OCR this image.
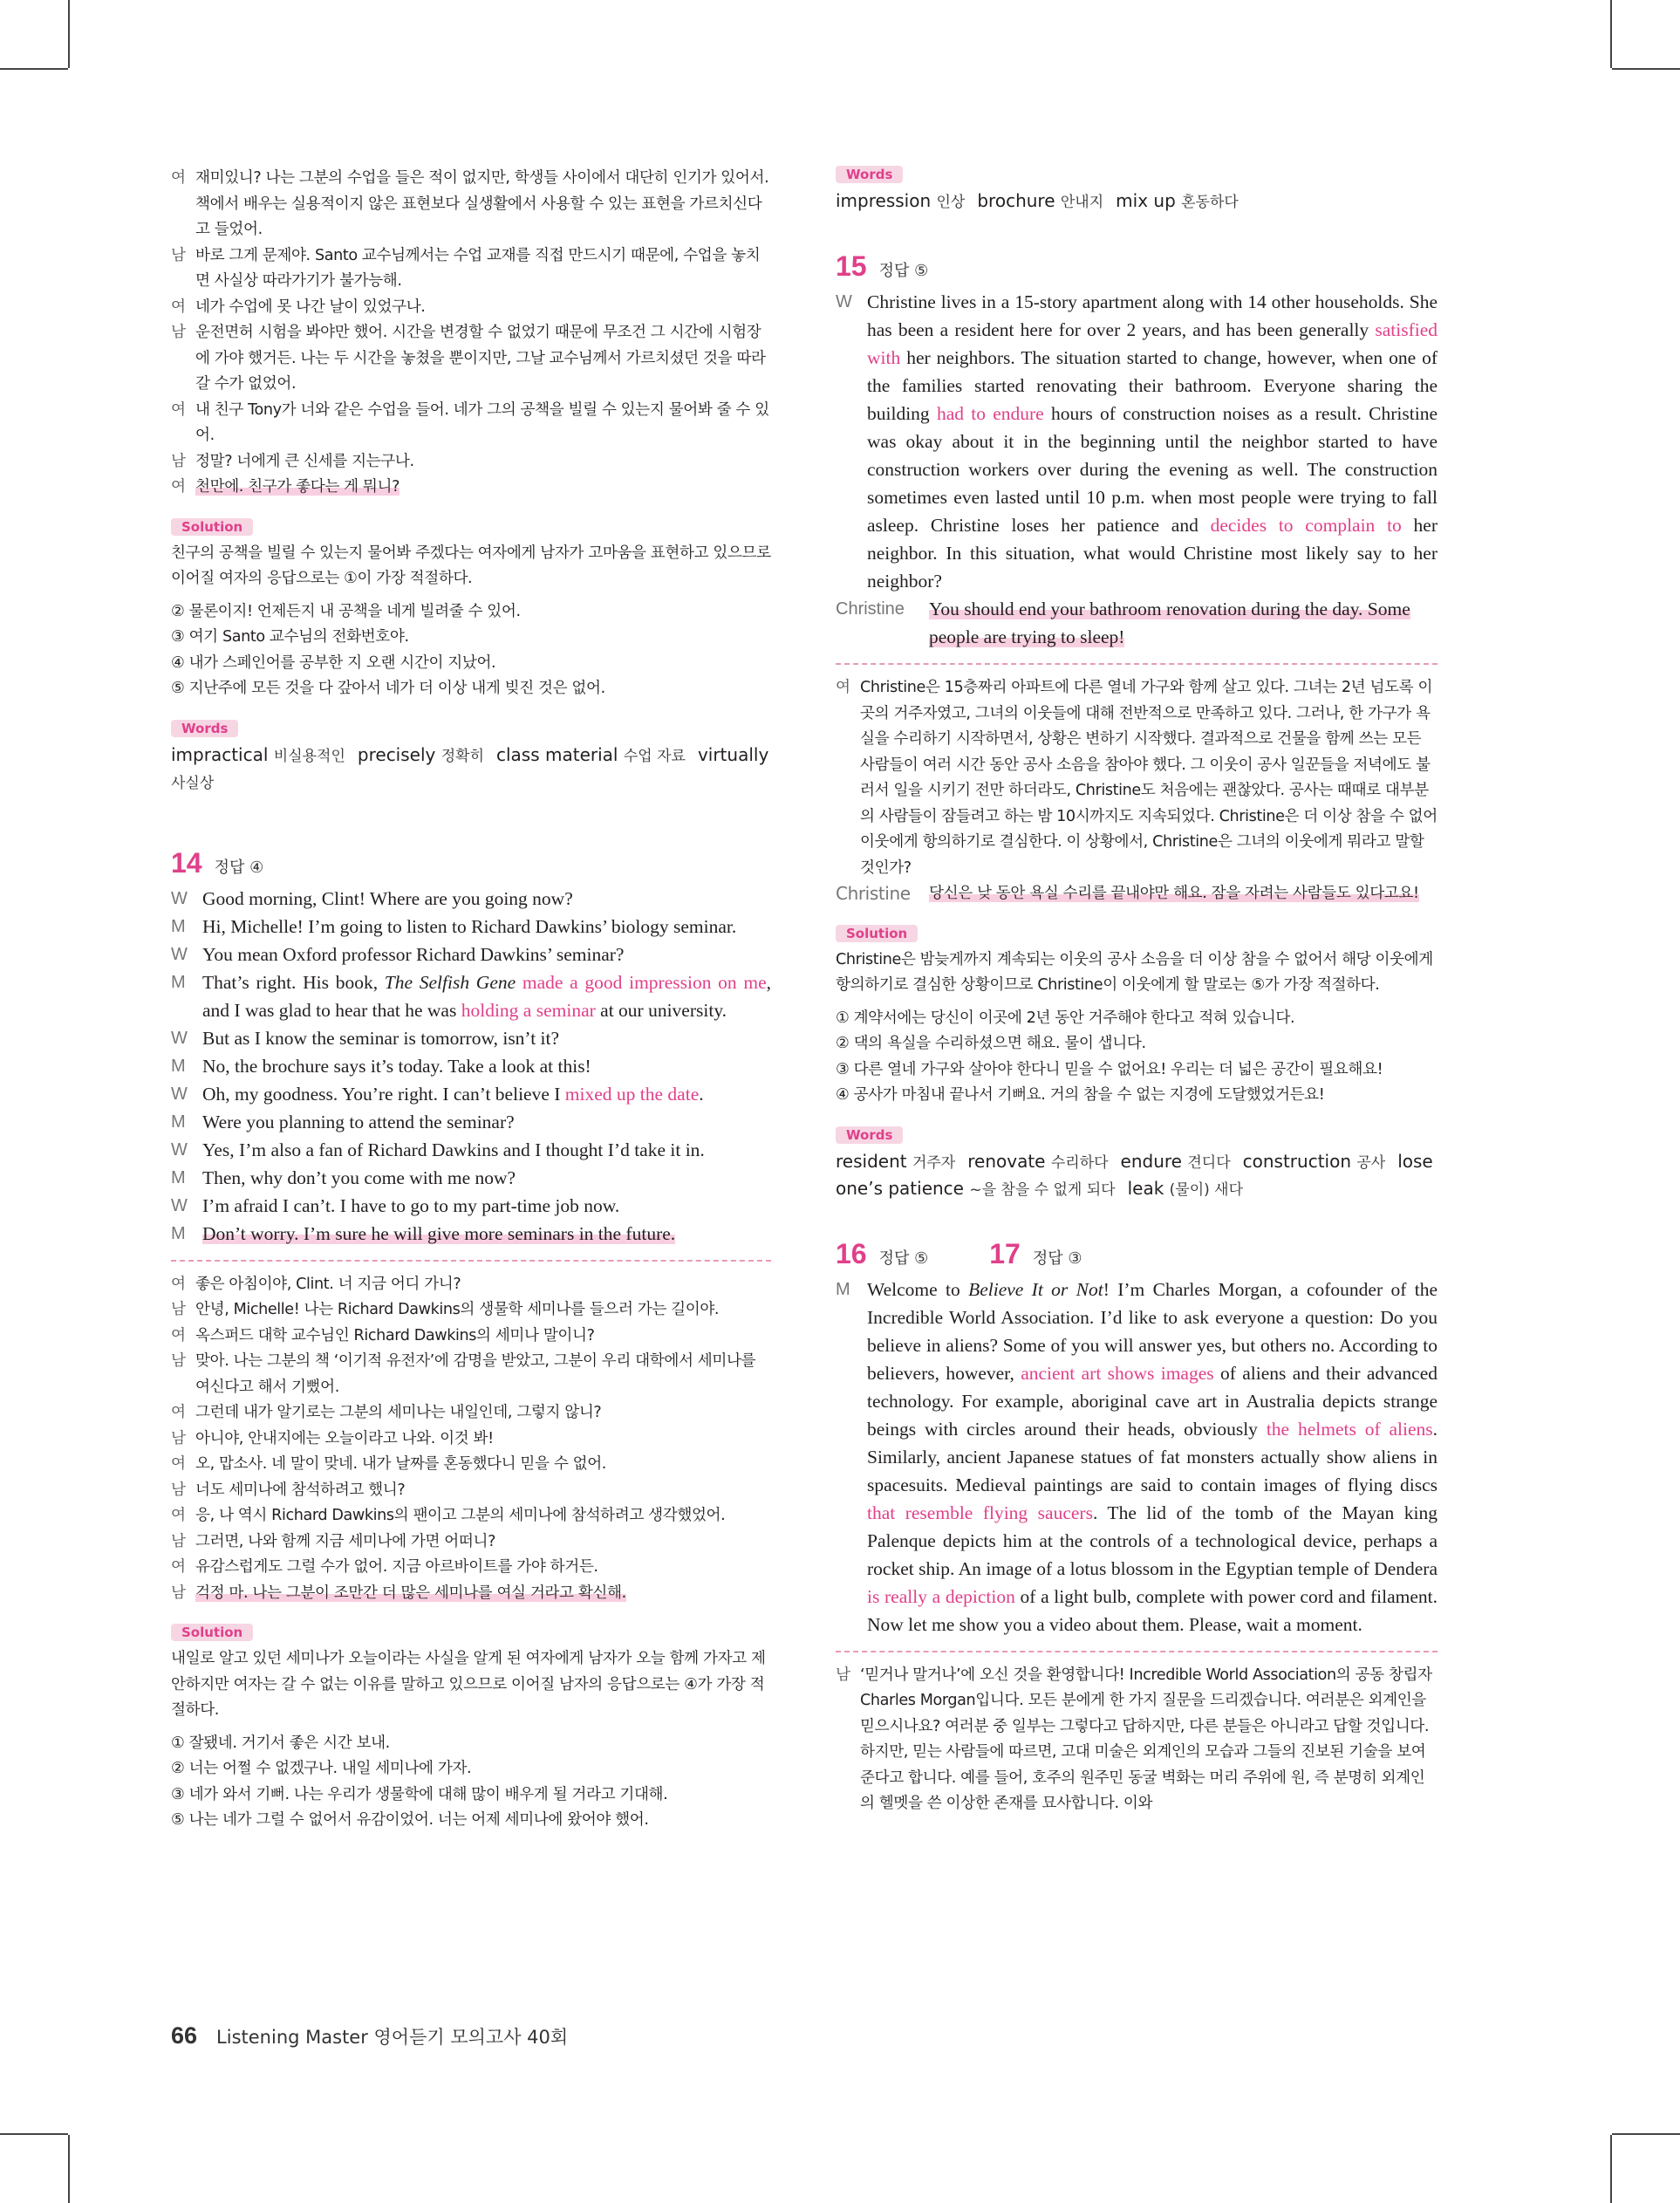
여 재미있니? 나는 그분의 수업을 들은 적이 없지만, 학생들 사이에서 대단히 인기가 있어서. 책에서 배우는 실용적이지 않은 표현보다 실생활에서 사용할 수 있는 표현을 가르치신다고 들었어.
남 바로 그게 문제야. Santo 교수님께서는 수업 교재를 직접 만드시기 때문에, 수업을 놓치면 사실상 따라가기가 불가능해.
여 네가 수업에 못 나간 날이 있었구나.
남 운전면허 시험을 봐야만 했어. 시간을 변경할 수 없었기 때문에 무조건 그 시간에 시험장에 가야 했거든. 나는 두 시간을 놓쳤을 뿐이지만, 그날 교수님께서 가르치셨던 것을 따라갈 수가 없었어.
여 내 친구 Tony가 너와 같은 수업을 들어. 네가 그의 공책을 빌릴 수 있는지 물어봐 줄 수 있어.
남 정말? 너에게 큰 신세를 지는구나.
여 천만에. 친구가 좋다는 게 뭐니?
Solution
친구의 공책을 빌릴 수 있는지 물어봐 주겠다는 여자에게 남자가 고마움을 표현하고 있으므로 이어질 여자의 응답으로는 ①이 가장 적절하다.
② 물론이지! 언제든지 내 공책을 네게 빌려줄 수 있어.
③ 여기 Santo 교수님의 전화번호야.
④ 내가 스페인어를 공부한 지 오랜 시간이 지났어.
⑤ 지난주에 모든 것을 다 갚아서 네가 더 이상 내게 빚진 것은 없어.
Words
impractical 비실용적인 precisely 정확히 class material 수업 자료 virtually 사실상
14 정답 ④
W Good morning, Clint! Where are you going now?
M Hi, Michelle! I’m going to listen to Richard Dawkins’ biology seminar.
W You mean Oxford professor Richard Dawkins’ seminar?
M That’s right. His book, The Selfish Gene made a good impression on me, and I was glad to hear that he was holding a seminar at our university.
W But as I know the seminar is tomorrow, isn’t it?
M No, the brochure says it’s today. Take a look at this!
W Oh, my goodness. You’re right. I can’t believe I mixed up the date.
M Were you planning to attend the seminar?
W Yes, I’m also a fan of Richard Dawkins and I thought I’d take it in.
M Then, why don’t you come with me now?
W I’m afraid I can’t. I have to go to my part-time job now.
M Don’t worry. I’m sure he will give more seminars in the future.
여 좋은 아침이야, Clint. 너 지금 어디 가니?
남 안녕, Michelle! 나는 Richard Dawkins의 생물학 세미나를 들으러 가는 길이야.
여 옥스퍼드 대학 교수님인 Richard Dawkins의 세미나 말이니?
남 맞아. 나는 그분의 책 ‘이기적 유전자’에 감명을 받았고, 그분이 우리 대학에서 세미나를 여신다고 해서 기뻤어.
여 그런데 내가 알기로는 그분의 세미나는 내일인데, 그렇지 않니?
남 아니야, 안내지에는 오늘이라고 나와. 이것 봐!
여 오, 맙소사. 네 말이 맞네. 내가 날짜를 혼동했다니 믿을 수 없어.
남 너도 세미나에 참석하려고 했니?
여 응, 나 역시 Richard Dawkins의 팬이고 그분의 세미나에 참석하려고 생각했었어.
남 그러면, 나와 함께 지금 세미나에 가면 어떠니?
여 유감스럽게도 그럴 수가 없어. 지금 아르바이트를 가야 하거든.
남 걱정 마. 나는 그분이 조만간 더 많은 세미나를 여실 거라고 확신해.
Solution
내일로 알고 있던 세미나가 오늘이라는 사실을 알게 된 여자에게 남자가 오늘 함께 가자고 제안하지만 여자는 갈 수 없는 이유를 말하고 있으므로 이어질 남자의 응답으로는 ④가 가장 적절하다.
① 잘됐네. 거기서 좋은 시간 보내.
② 너는 어쩔 수 없겠구나. 내일 세미나에 가자.
③ 네가 와서 기뻐. 나는 우리가 생물학에 대해 많이 배우게 될 거라고 기대해.
⑤ 나는 네가 그럴 수 없어서 유감이었어. 너는 어제 세미나에 왔어야 했어.
Words
impression 인상 brochure 안내지 mix up 혼동하다
15 정답 ⑤
W Christine lives in a 15-story apartment along with 14 other households. She has been a resident here for over 2 years, and has been generally satisfied with her neighbors. The situation started to change, however, when one of the families started renovating their bathroom. Everyone sharing the building had to endure hours of construction noises as a result. Christine was okay about it in the beginning until the neighbor started to have construction workers over during the evening as well. The construction sometimes even lasted until 10 p.m. when most people were trying to fall asleep. Christine loses her patience and decides to complain to her neighbor. In this situation, what would Christine most likely say to her neighbor?
Christine	You should end your bathroom renovation during the day. Some people are trying to sleep!
여 Christine은 15층짜리 아파트에 다른 열네 가구와 함께 살고 있다. 그녀는 2년 넘도록 이곳의 거주자였고, 그녀의 이웃들에 대해 전반적으로 만족하고 있다. 그러나, 한 가구가 욕실을 수리하기 시작하면서, 상황은 변하기 시작했다. 결과적으로 건물을 함께 쓰는 모든 사람들이 여러 시간 동안 공사 소음을 참아야 했다. 그 이웃이 공사 일꾼들을 저녁에도 불러서 일을 시키기 전만 하더라도, Christine도 처음에는 괜찮았다. 공사는 때때로 대부분의 사람들이 잠들려고 하는 밤 10시까지도 지속되었다. Christine은 더 이상 참을 수 없어 이웃에게 항의하기로 결심한다. 이 상황에서, Christine은 그녀의 이웃에게 뭐라고 말할 것인가?
Christine	당신은 낮 동안 욕실 수리를 끝내야만 해요. 잠을 자려는 사람들도 있다고요!
Solution
Christine은 밤늦게까지 계속되는 이웃의 공사 소음을 더 이상 참을 수 없어서 해당 이웃에게 항의하기로 결심한 상황이므로 Christine이 이웃에게 할 말로는 ⑤가 가장 적절하다.
① 계약서에는 당신이 이곳에 2년 동안 거주해야 한다고 적혀 있습니다.
② 댁의 욕실을 수리하셨으면 해요. 물이 샙니다.
③ 다른 열네 가구와 살아야 한다니 믿을 수 없어요! 우리는 더 넓은 공간이 필요해요!
④ 공사가 마침내 끝나서 기뻐요. 거의 참을 수 없는 지경에 도달했었거든요!
Words
resident 거주자 renovate 수리하다 endure 견디다 construction 공사 lose one’s patience ~을 참을 수 없게 되다 leak (물이) 새다
16 정답 ⑤ 17 정답 ③
M Welcome to Believe It or Not! I’m Charles Morgan, a cofounder of the Incredible World Association. I’d like to ask everyone a question: Do you believe in aliens? Some of you will answer yes, but others no. According to believers, however, ancient art shows images of aliens and their advanced technology. For example, aboriginal cave art in Australia depicts strange beings with circles around their heads, obviously the helmets of aliens. Similarly, ancient Japanese statues of fat monsters actually show aliens in spacesuits. Medieval paintings are said to contain images of flying discs that resemble flying saucers. The lid of the tomb of the Mayan king Palenque depicts him at the controls of a technological device, perhaps a rocket ship. An image of a lotus blossom in the Egyptian temple of Dendera is really a depiction of a light bulb, complete with power cord and filament. Now let me show you a video about them. Please, wait a moment.
남 ‘믿거나 말거나’에 오신 것을 환영합니다! Incredible World Association의 공동 창립자 Charles Morgan입니다. 모든 분에게 한 가지 질문을 드리겠습니다. 여러분은 외계인을 믿으시나요? 여러분 중 일부는 그렇다고 답하지만, 다른 분들은 아니라고 답할 것입니다. 하지만, 믿는 사람들에 따르면, 고대 미술은 외계인의 모습과 그들의 진보된 기술을 보여 준다고 합니다. 예를 들어, 호주의 원주민 동굴 벽화는 머리 주위에 원, 즉 분명히 외계인의 헬멧을 쓴 이상한 존재를 묘사합니다. 이와
66 Listening Master 영어듣기 모의고사 40회
